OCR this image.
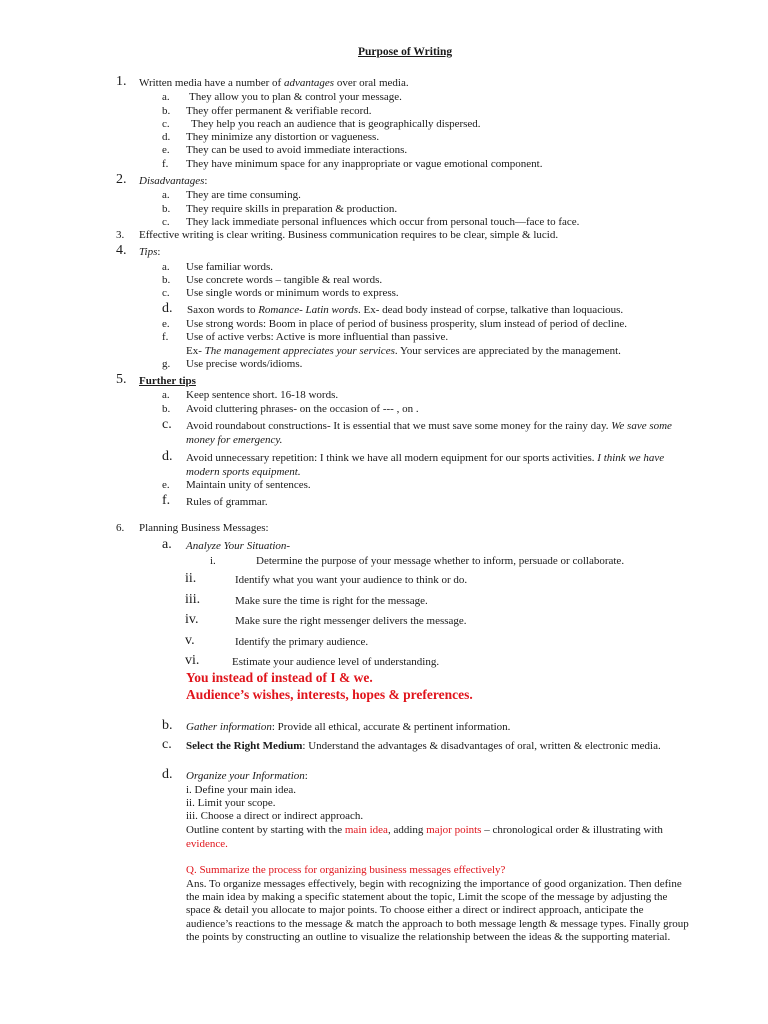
Purpose of Writing
1. Written media have a number of advantages over oral media.
a. They allow you to plan & control your message.
b. They offer permanent & verifiable record.
c. They help you reach an audience that is geographically dispersed.
d. They minimize any distortion or vagueness.
e. They can be used to avoid immediate interactions.
f. They have minimum space for any inappropriate or vague emotional component.
2. Disadvantages:
a. They are time consuming.
b. They require skills in preparation & production.
c. They lack immediate personal influences which occur from personal touch—face to face.
3. Effective writing is clear writing. Business communication requires to be clear, simple & lucid.
4. Tips:
a. Use familiar words.
b. Use concrete words – tangible & real words.
c. Use single words or minimum words to express.
d. Saxon words to Romance- Latin words. Ex- dead body instead of corpse, talkative than loquacious.
e. Use strong words: Boom in place of period of business prosperity, slum instead of period of decline.
f. Use of active verbs: Active is more influential than passive.
Ex- The management appreciates your services. Your services are appreciated by the management.
g. Use precise words/idioms.
5. Further tips
a. Keep sentence short. 16-18 words.
b. Avoid cluttering phrases- on the occasion of --- , on .
c. Avoid roundabout constructions- It is essential that we must save some money for the rainy day. We save some
money for emergency.
d. Avoid unnecessary repetition: I think we have all modern equipment for our sports activities. I think we have
modern sports equipment.
e. Maintain unity of sentences.
f. Rules of grammar.
6. Planning Business Messages:
a. Analyze Your Situation-
i.	Determine the purpose of your message whether to inform, persuade or collaborate.
ii.	Identify what you want your audience to think or do.
iii.	Make sure the time is right for the message.
iv.	Make sure the right messenger delivers the message.
v.	Identify the primary audience.
vi.	Estimate your audience level of understanding.
You instead of instead of I & we.
Audience’s wishes, interests, hopes & preferences.
b. Gather information: Provide all ethical, accurate & pertinent information.
c. Select the Right Medium: Understand the advantages & disadvantages of oral, written & electronic media.
d. Organize your Information:
i. Define your main idea.
ii. Limit your scope.
iii. Choose a direct or indirect approach.
Outline content by starting with the main idea, adding major points – chronological order & illustrating with
evidence.
Q. Summarize the process for organizing business messages effectively?
Ans. To organize messages effectively, begin with recognizing the importance of good organization. Then define
the main idea by making a specific statement about the topic, Limit the scope of the message by adjusting the
space & detail you allocate to major points. To choose either a direct or indirect approach, anticipate the
audience’s reactions to the message & match the approach to both message length & message types. Finally group
the points by constructing an outline to visualize the relationship between the ideas & the supporting material.
